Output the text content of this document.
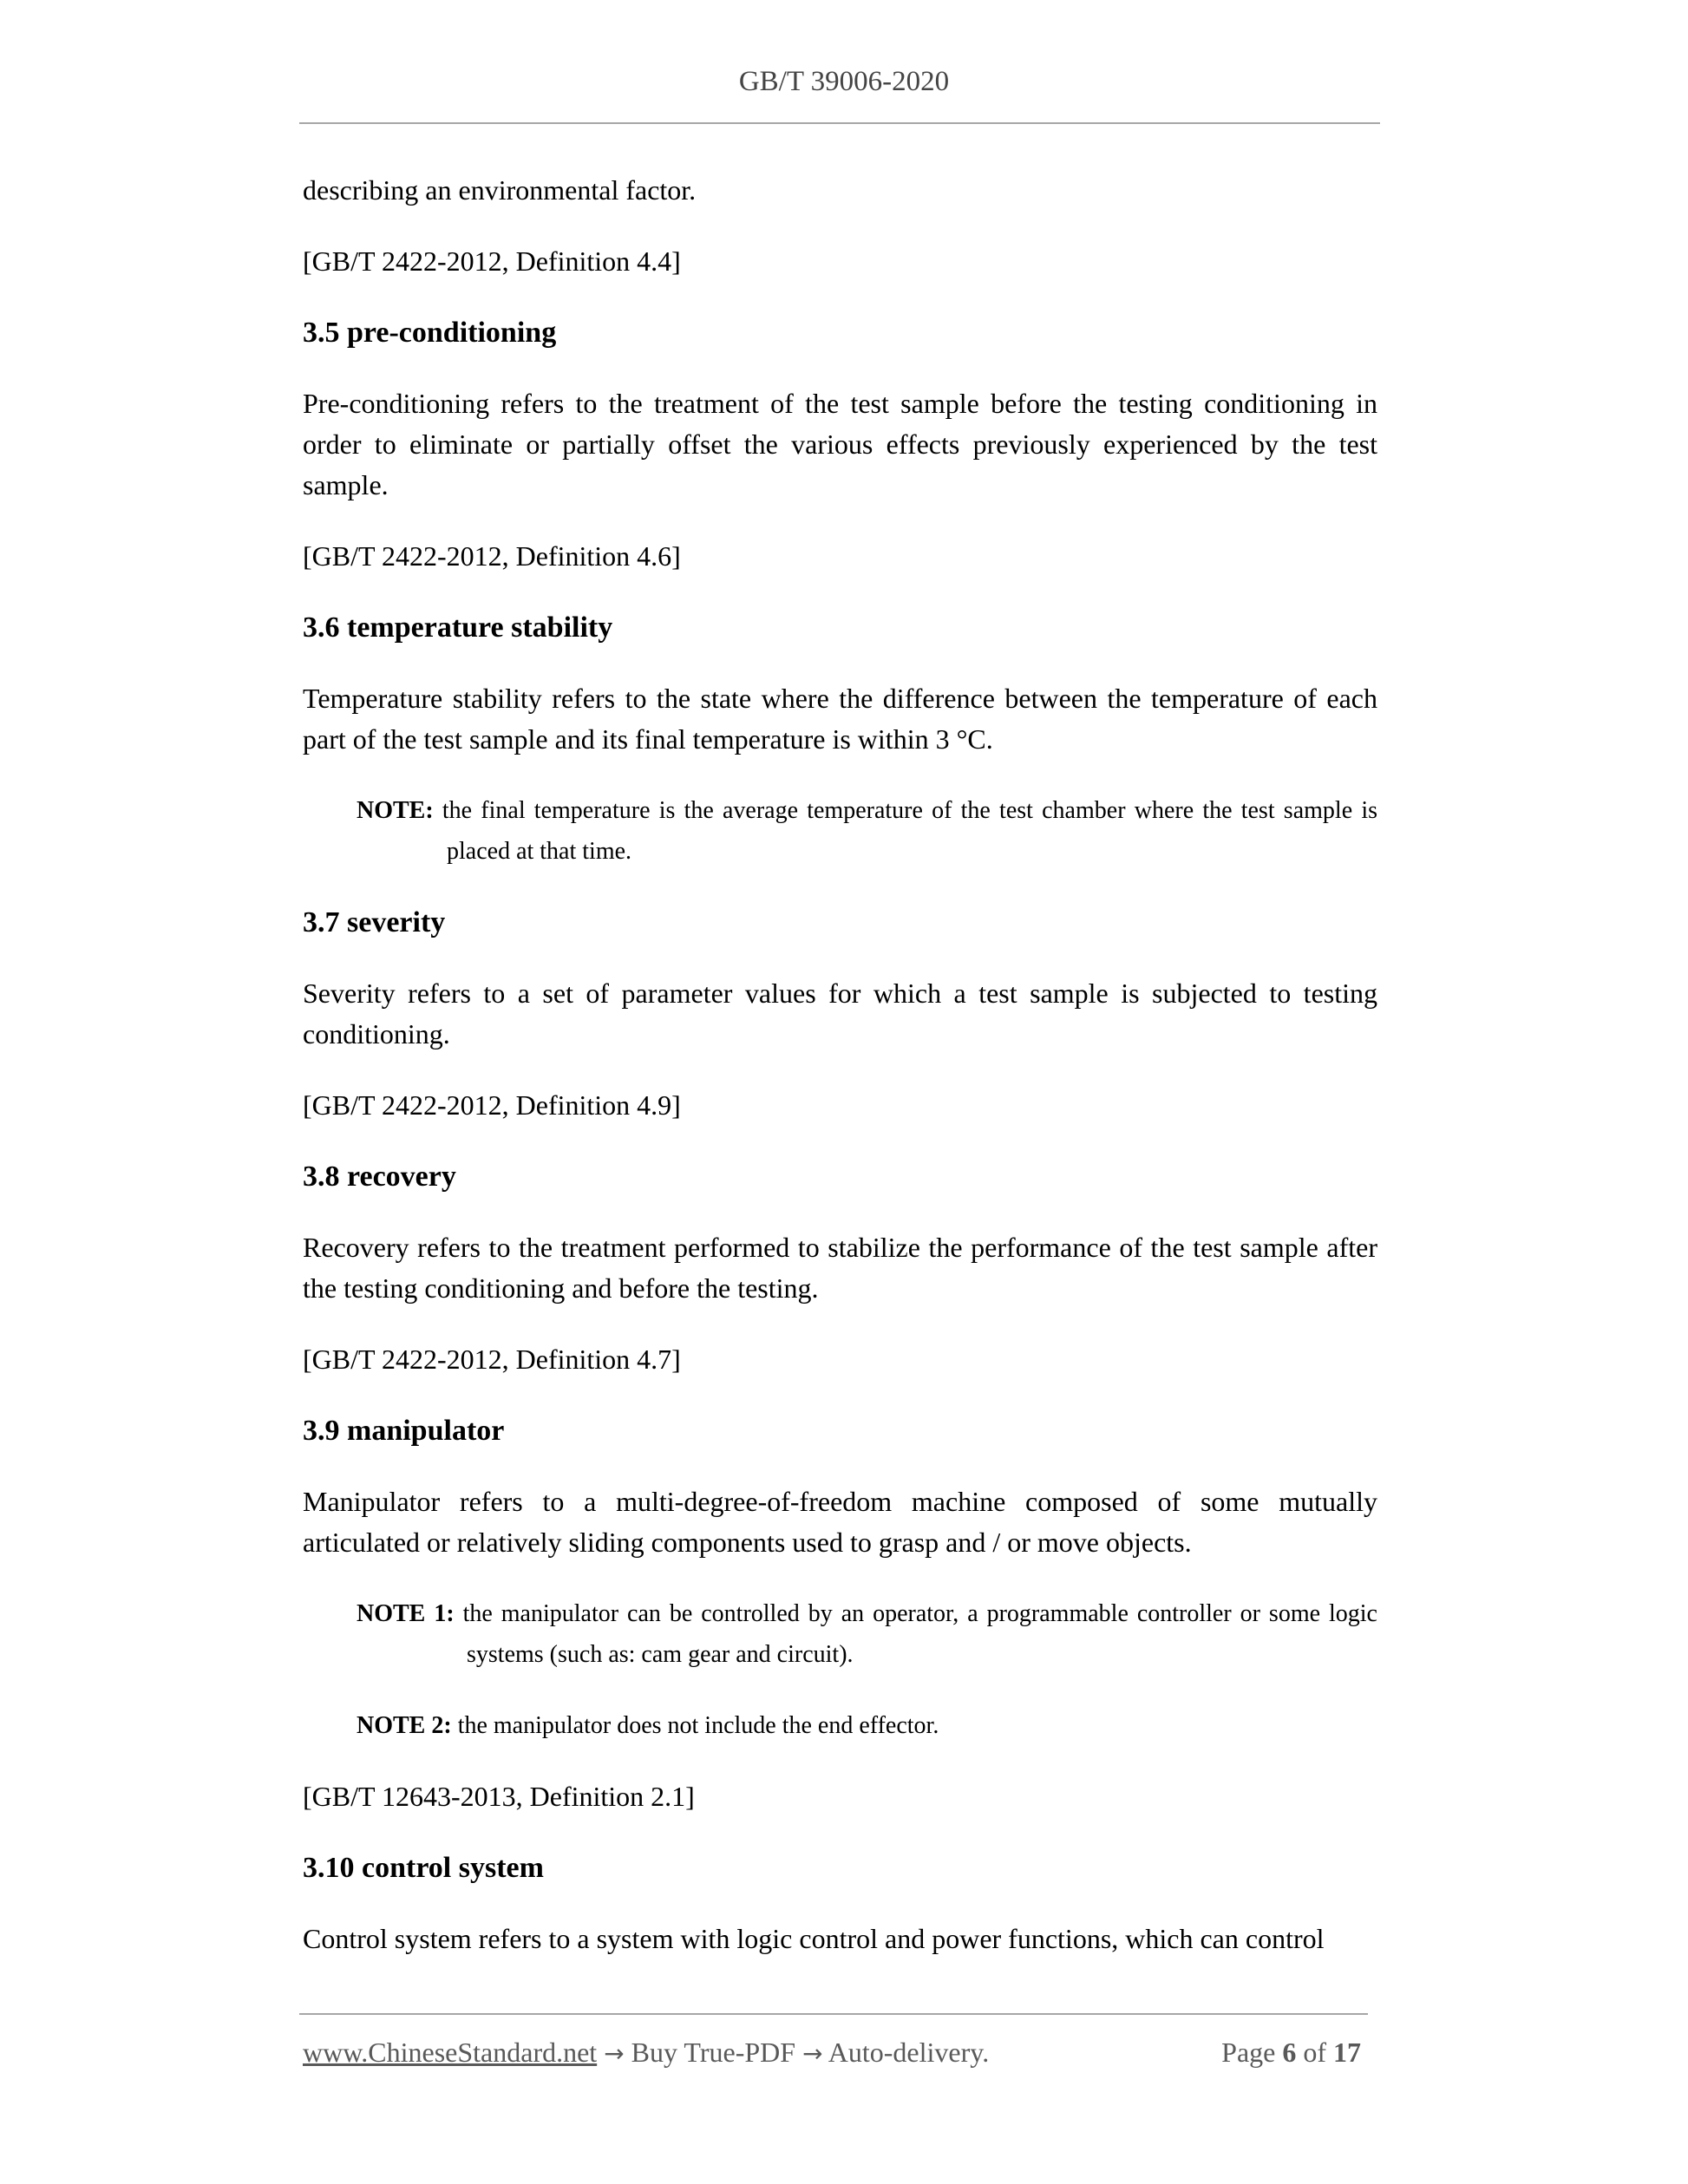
GB/T 39006-2020

describing an environmental factor.

[GB/T 2422-2012, Definition 4.4]

3.5 pre-conditioning

Pre-conditioning refers to the treatment of the test sample before the testing conditioning in order to eliminate or partially offset the various effects previously experienced by the test sample.

[GB/T 2422-2012, Definition 4.6]

3.6 temperature stability

Temperature stability refers to the state where the difference between the temperature of each part of the test sample and its final temperature is within 3 °C.

NOTE: the final temperature is the average temperature of the test chamber where the test sample is placed at that time.

3.7 severity

Severity refers to a set of parameter values for which a test sample is subjected to testing conditioning.

[GB/T 2422-2012, Definition 4.9]

3.8 recovery

Recovery refers to the treatment performed to stabilize the performance of the test sample after the testing conditioning and before the testing.

[GB/T 2422-2012, Definition 4.7]

3.9 manipulator

Manipulator refers to a multi-degree-of-freedom machine composed of some mutually articulated or relatively sliding components used to grasp and / or move objects.

NOTE 1: the manipulator can be controlled by an operator, a programmable controller or some logic systems (such as: cam gear and circuit).

NOTE 2: the manipulator does not include the end effector.

[GB/T 12643-2013, Definition 2.1]

3.10 control system

Control system refers to a system with logic control and power functions, which can control

www.ChineseStandard.net → Buy True-PDF → Auto-delivery.	Page 6 of 17
